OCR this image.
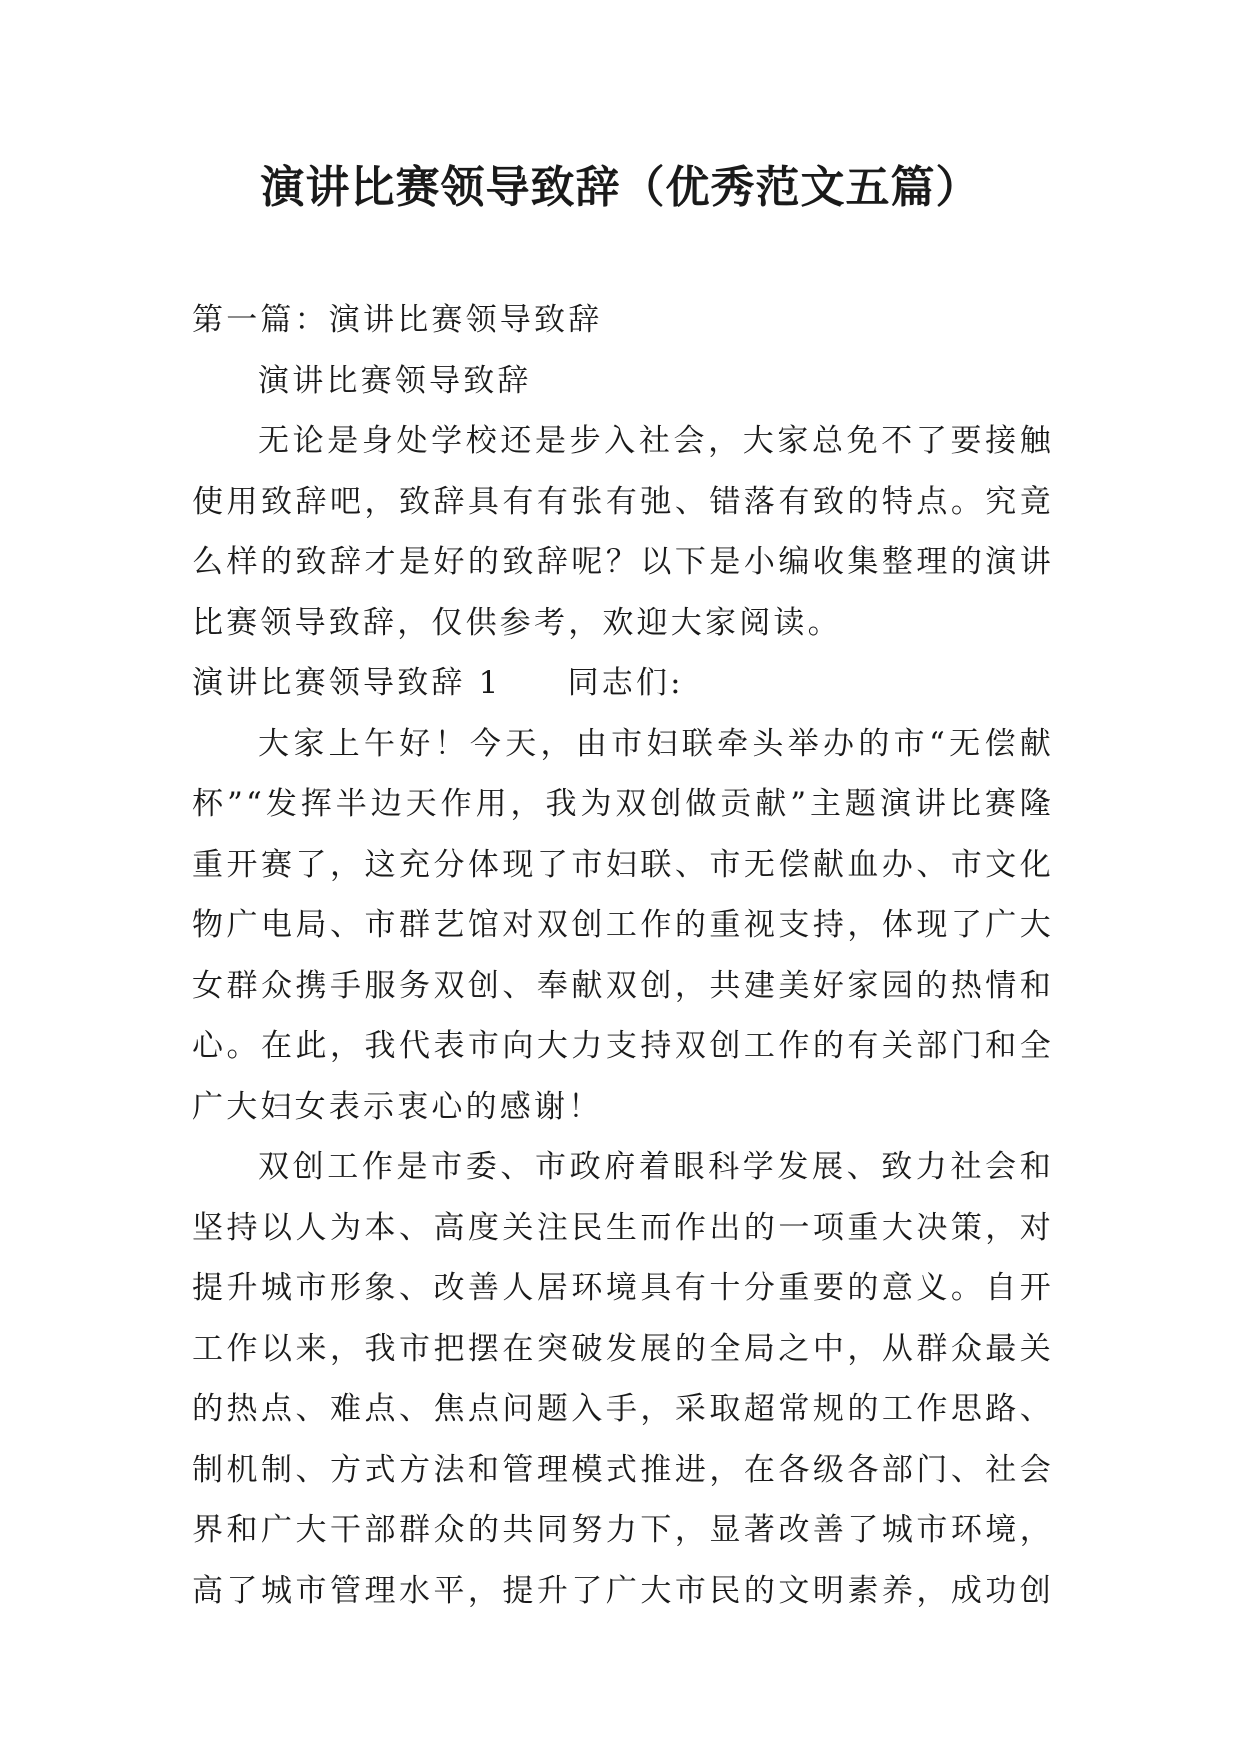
演讲比赛领导致辞（优秀范文五篇）
第一篇：演讲比赛领导致辞
演讲比赛领导致辞
无论是身处学校还是步入社会，大家总免不了要接触
使用致辞吧，致辞具有有张有弛、错落有致的特点。究竟
么样的致辞才是好的致辞呢？以下是小编收集整理的演讲
比赛领导致辞，仅供参考，欢迎大家阅读。
演讲比赛领导致辞 1 同志们:
大家上午好！今天，由市妇联牵头举办的市“无偿献
杯”“发挥半边天作用，我为双创做贡献”主题演讲比赛隆
重开赛了，这充分体现了市妇联、市无偿献血办、市文化
物广电局、市群艺馆对双创工作的重视支持，体现了广大
女群众携手服务双创、奉献双创，共建美好家园的热情和
心。在此，我代表市向大力支持双创工作的有关部门和全
广大妇女表示衷心的感谢！
双创工作是市委、市政府着眼科学发展、致力社会和
坚持以人为本、高度关注民生而作出的一项重大决策，对
提升城市形象、改善人居环境具有十分重要的意义。自开
工作以来，我市把摆在突破发展的全局之中，从群众最关
的热点、难点、焦点问题入手，采取超常规的工作思路、
制机制、方式方法和管理模式推进，在各级各部门、社会
界和广大干部群众的共同努力下，显著改善了城市环境，
高了城市管理水平，提升了广大市民的文明素养，成功创
